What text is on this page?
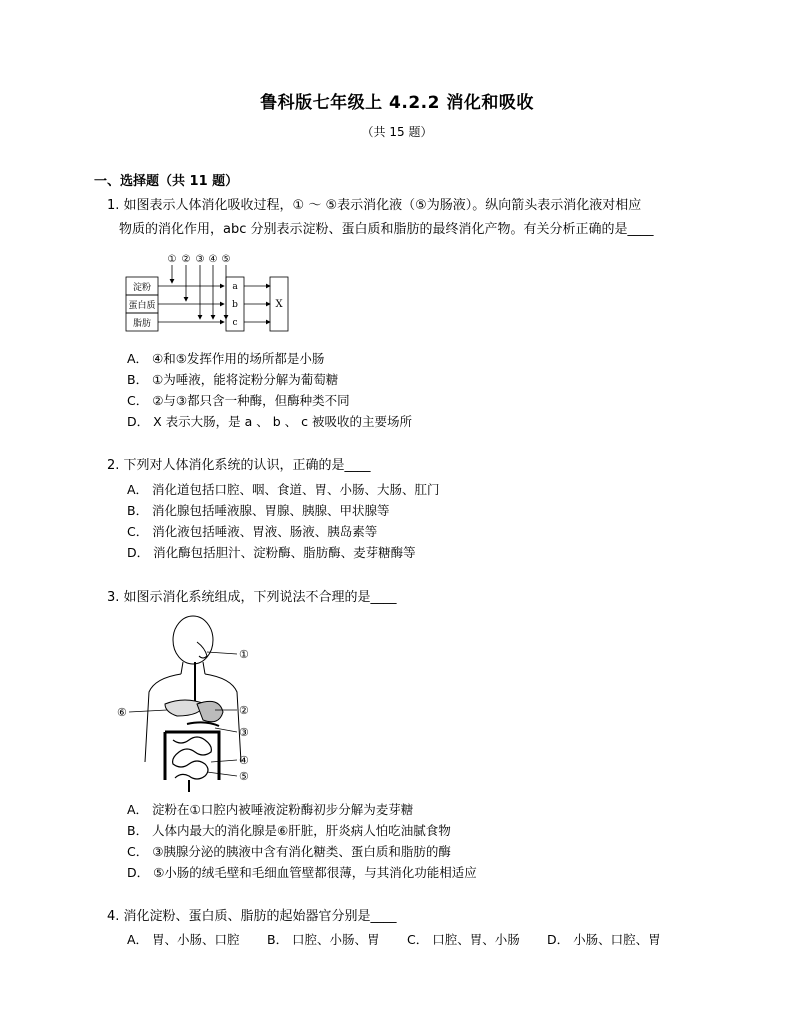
鲁科版七年级上 4.2.2 消化和吸收
（共 15 题）
一、选择题（共 11 题）
1. 如图表示人体消化吸收过程，① ～ ⑤表示消化液（⑤为肠液）。纵向箭头表示消化液对相应
物质的消化作用，abc 分别表示淀粉、蛋白质和脂肪的最终消化产物。有关分析正确的是____
① ② ③ ④ ⑤
淀粉
蛋白质
脂肪
a
b
c
X
A． ④和⑤发挥作用的场所都是小肠
B． ①为唾液，能将淀粉分解为葡萄糖
C． ②与③都只含一种酶，但酶种类不同
D． X 表示大肠，是 a 、 b 、 c 被吸收的主要场所
2. 下列对人体消化系统的认识，正确的是____
A． 消化道包括口腔、咽、食道、胃、小肠、大肠、肛门
B． 消化腺包括唾液腺、胃腺、胰腺、甲状腺等
C． 消化液包括唾液、胃液、肠液、胰岛素等
D． 消化酶包括胆汁、淀粉酶、脂肪酶、麦芽糖酶等
3. 如图示消化系统组成，下列说法不合理的是____
①
②
③
④
⑤
⑥
A． 淀粉在①口腔内被唾液淀粉酶初步分解为麦芽糖
B． 人体内最大的消化腺是⑥肝脏，肝炎病人怕吃油腻食物
C． ③胰腺分泌的胰液中含有消化糖类、蛋白质和脂肪的酶
D． ⑤小肠的绒毛壁和毛细血管壁都很薄，与其消化功能相适应
4. 消化淀粉、蛋白质、脂肪的起始器官分别是____
A． 胃、小肠、口腔 B． 口腔、小肠、胃 C． 口腔、胃、小肠 D． 小肠、口腔、胃
